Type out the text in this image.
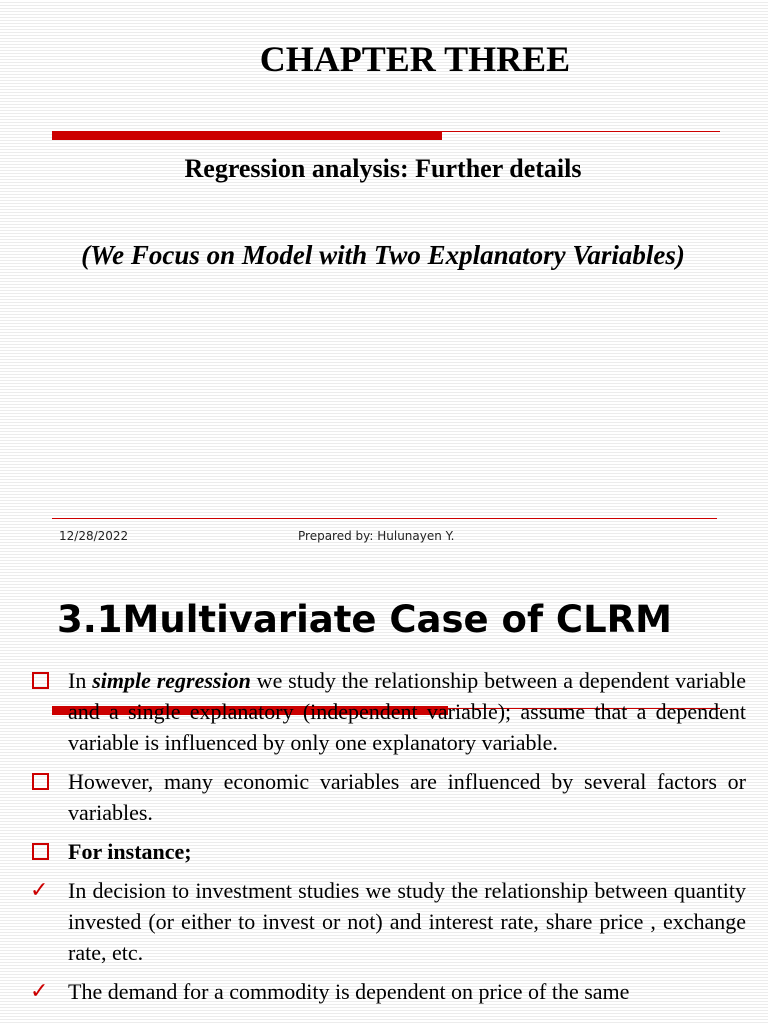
CHAPTER THREE
Regression analysis: Further details
(We Focus on Model with Two Explanatory Variables)
12/28/2022	Prepared by: Hulunayen Y.
3.1Multivariate Case of CLRM
In simple regression we study the relationship between a dependent variable and a single explanatory (independent variable); assume that a dependent variable is influenced by only one explanatory variable.
However, many economic variables are influenced by several factors or variables.
For instance;
✓ In decision to investment studies we study the relationship between quantity invested (or either to invest or not) and interest rate, share price , exchange rate, etc.
✓ The demand for a commodity is dependent on price of the same
